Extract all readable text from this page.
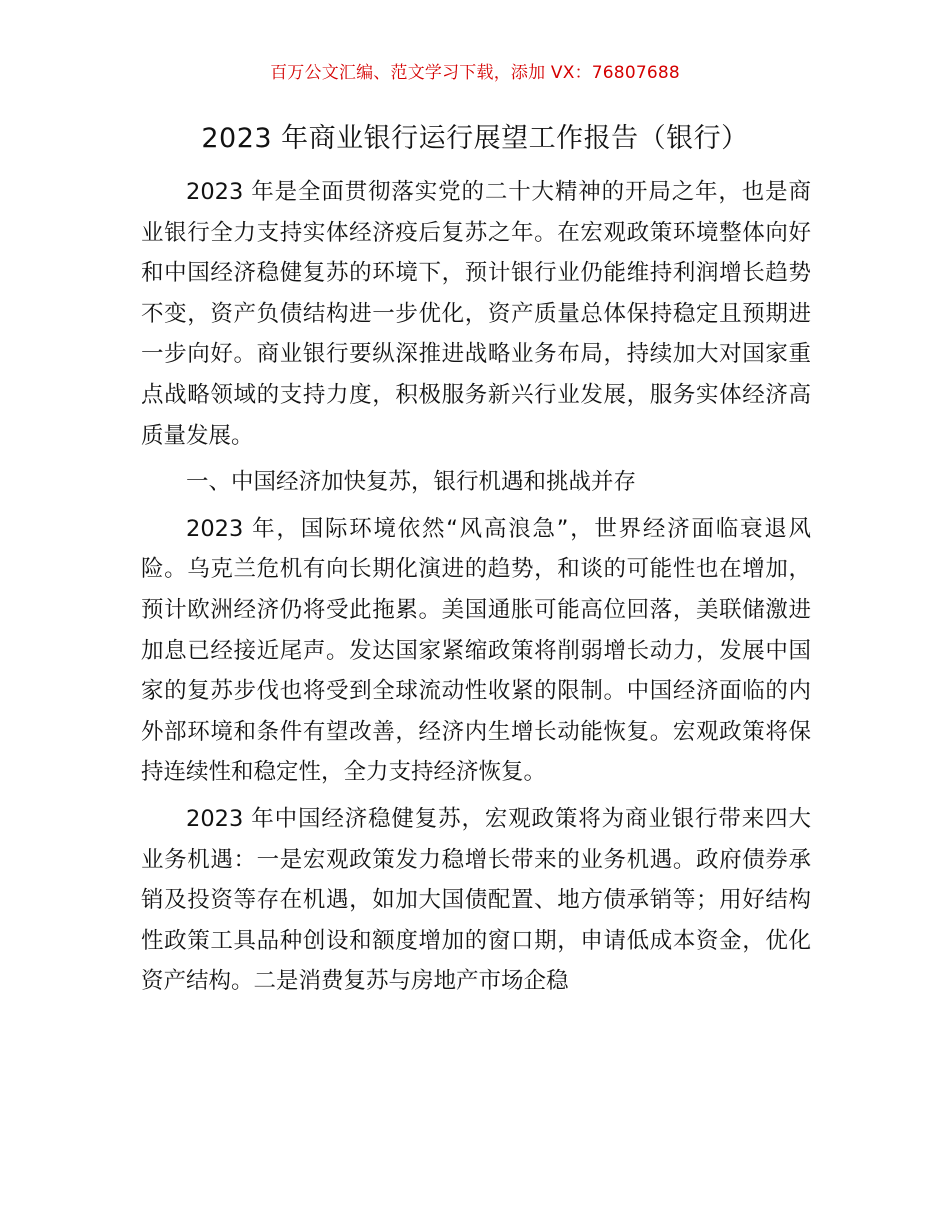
百万公文汇编、范文学习下载，添加 VX：76807688
2023 年商业银行运行展望工作报告（银行）

2023 年是全面贯彻落实党的二十大精神的开局之年，也是商业银行全力支持实体经济疫后复苏之年。在宏观政策环境整体向好和中国经济稳健复苏的环境下，预计银行业仍能维持利润增长趋势不变，资产负债结构进一步优化，资产质量总体保持稳定且预期进一步向好。商业银行要纵深推进战略业务布局，持续加大对国家重点战略领域的支持力度，积极服务新兴行业发展，服务实体经济高质量发展。

一、中国经济加快复苏，银行机遇和挑战并存

2023 年，国际环境依然“风高浪急”，世界经济面临衰退风险。乌克兰危机有向长期化演进的趋势，和谈的可能性也在增加，预计欧洲经济仍将受此拖累。美国通胀可能高位回落，美联储激进加息已经接近尾声。发达国家紧缩政策将削弱增长动力，发展中国家的复苏步伐也将受到全球流动性收紧的限制。中国经济面临的内外部环境和条件有望改善，经济内生增长动能恢复。宏观政策将保持连续性和稳定性，全力支持经济恢复。

2023 年中国经济稳健复苏，宏观政策将为商业银行带来四大业务机遇：一是宏观政策发力稳增长带来的业务机遇。政府债券承销及投资等存在机遇，如加大国债配置、地方债承销等；用好结构性政策工具品种创设和额度增加的窗口期，申请低成本资金，优化资产结构。二是消费复苏与房地产市场企稳
